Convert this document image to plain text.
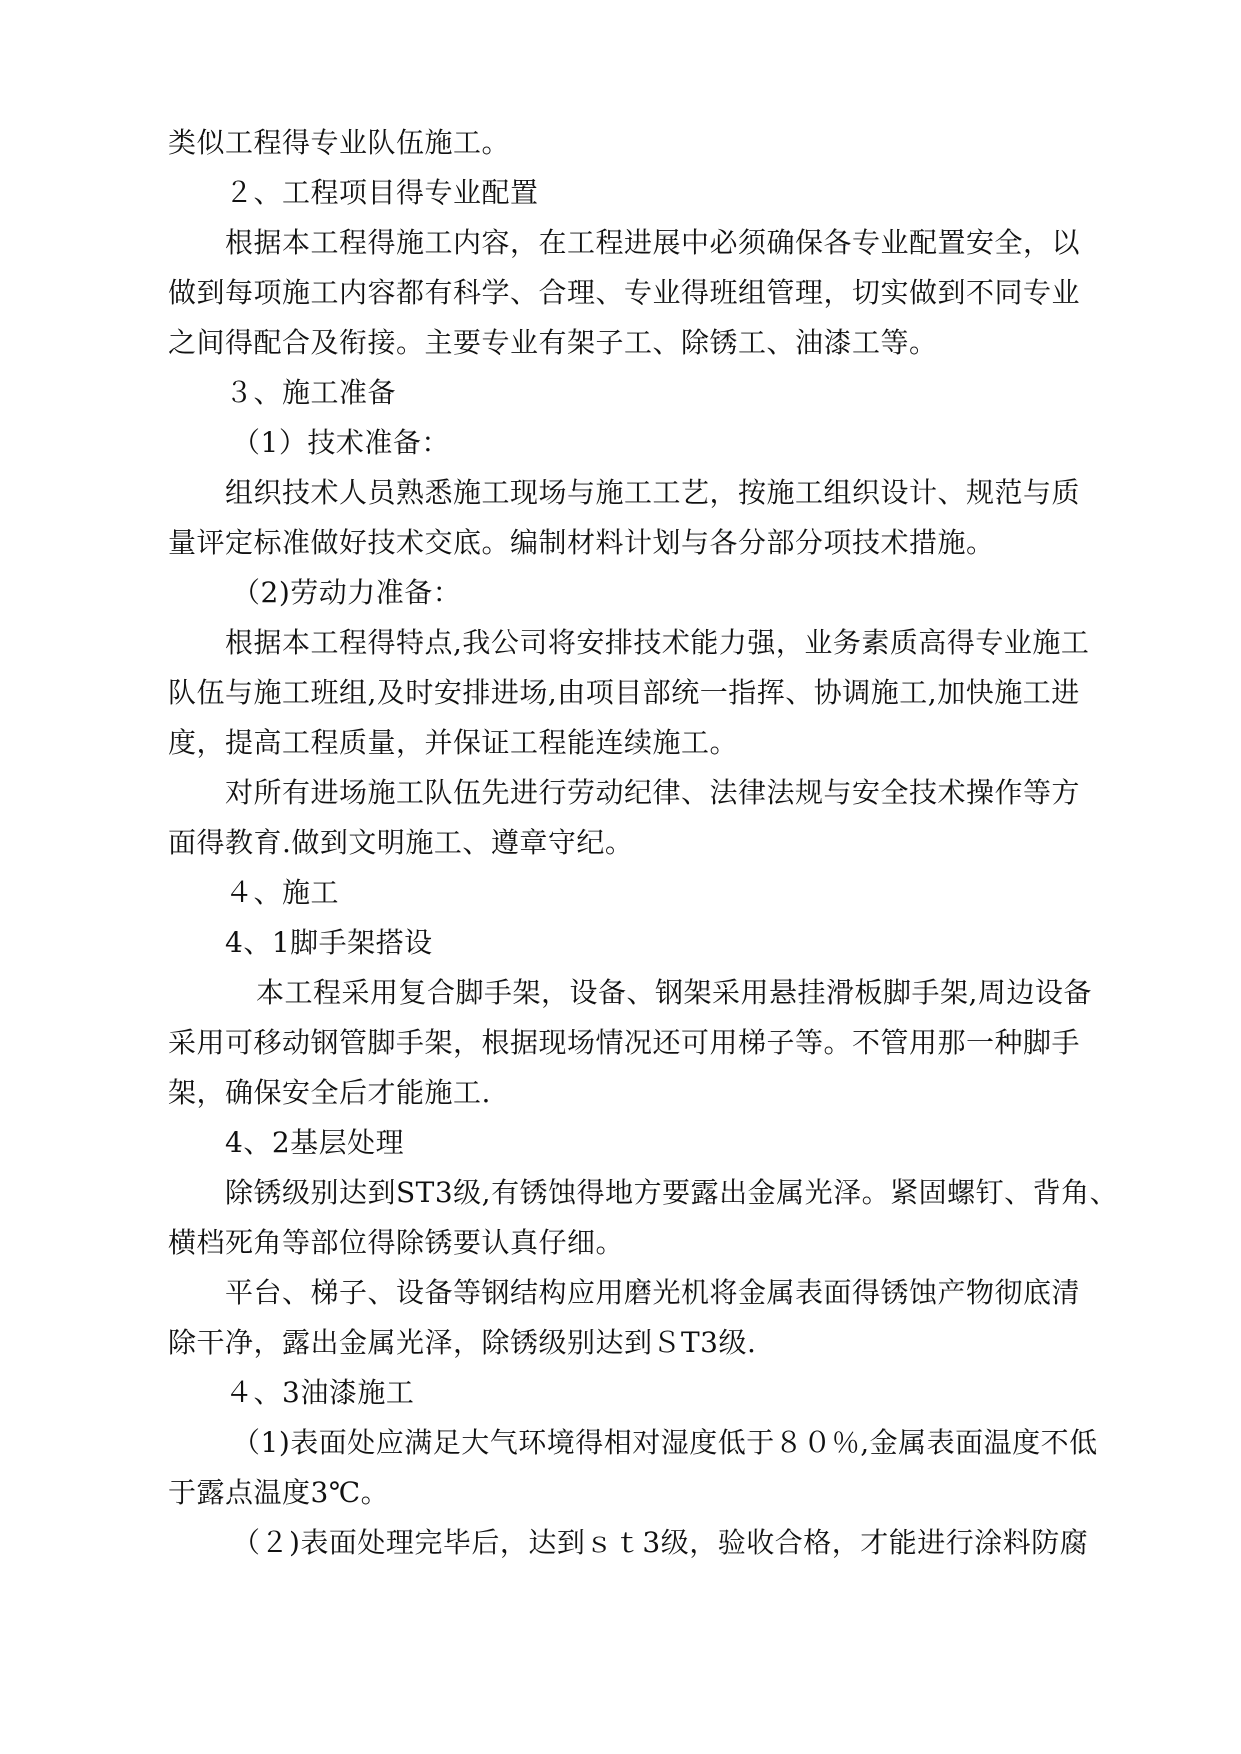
类似工程得专业队伍施工。
２、工程项目得专业配置
根据本工程得施工内容，在工程进展中必须确保各专业配置安全，以
做到每项施工内容都有科学、合理、专业得班组管理，切实做到不同专业
之间得配合及衔接。主要专业有架子工、除锈工、油漆工等。
３、施工准备
（1）技术准备：
组织技术人员熟悉施工现场与施工工艺，按施工组织设计、规范与质
量评定标准做好技术交底。编制材料计划与各分部分项技术措施。
（2)劳动力准备：
根据本工程得特点,我公司将安排技术能力强，业务素质高得专业施工
队伍与施工班组,及时安排进场,由项目部统一指挥、协调施工,加快施工进
度，提高工程质量，并保证工程能连续施工。
对所有进场施工队伍先进行劳动纪律、法律法规与安全技术操作等方
面得教育.做到文明施工、遵章守纪。
４、施工
4、1脚手架搭设
本工程采用复合脚手架，设备、钢架采用悬挂滑板脚手架,周边设备
采用可移动钢管脚手架，根据现场情况还可用梯子等。不管用那一种脚手
架，确保安全后才能施工.
4、2基层处理
除锈级别达到ST3级,有锈蚀得地方要露出金属光泽。紧固螺钉、背角、
横档死角等部位得除锈要认真仔细。
平台、梯子、设备等钢结构应用磨光机将金属表面得锈蚀产物彻底清
除干净，露出金属光泽，除锈级别达到ＳT3级.
４、3油漆施工
（1)表面处应满足大气环境得相对湿度低于８０％,金属表面温度不低
于露点温度3℃。
（２)表面处理完毕后，达到ｓｔ3级，验收合格，才能进行涂料防腐
